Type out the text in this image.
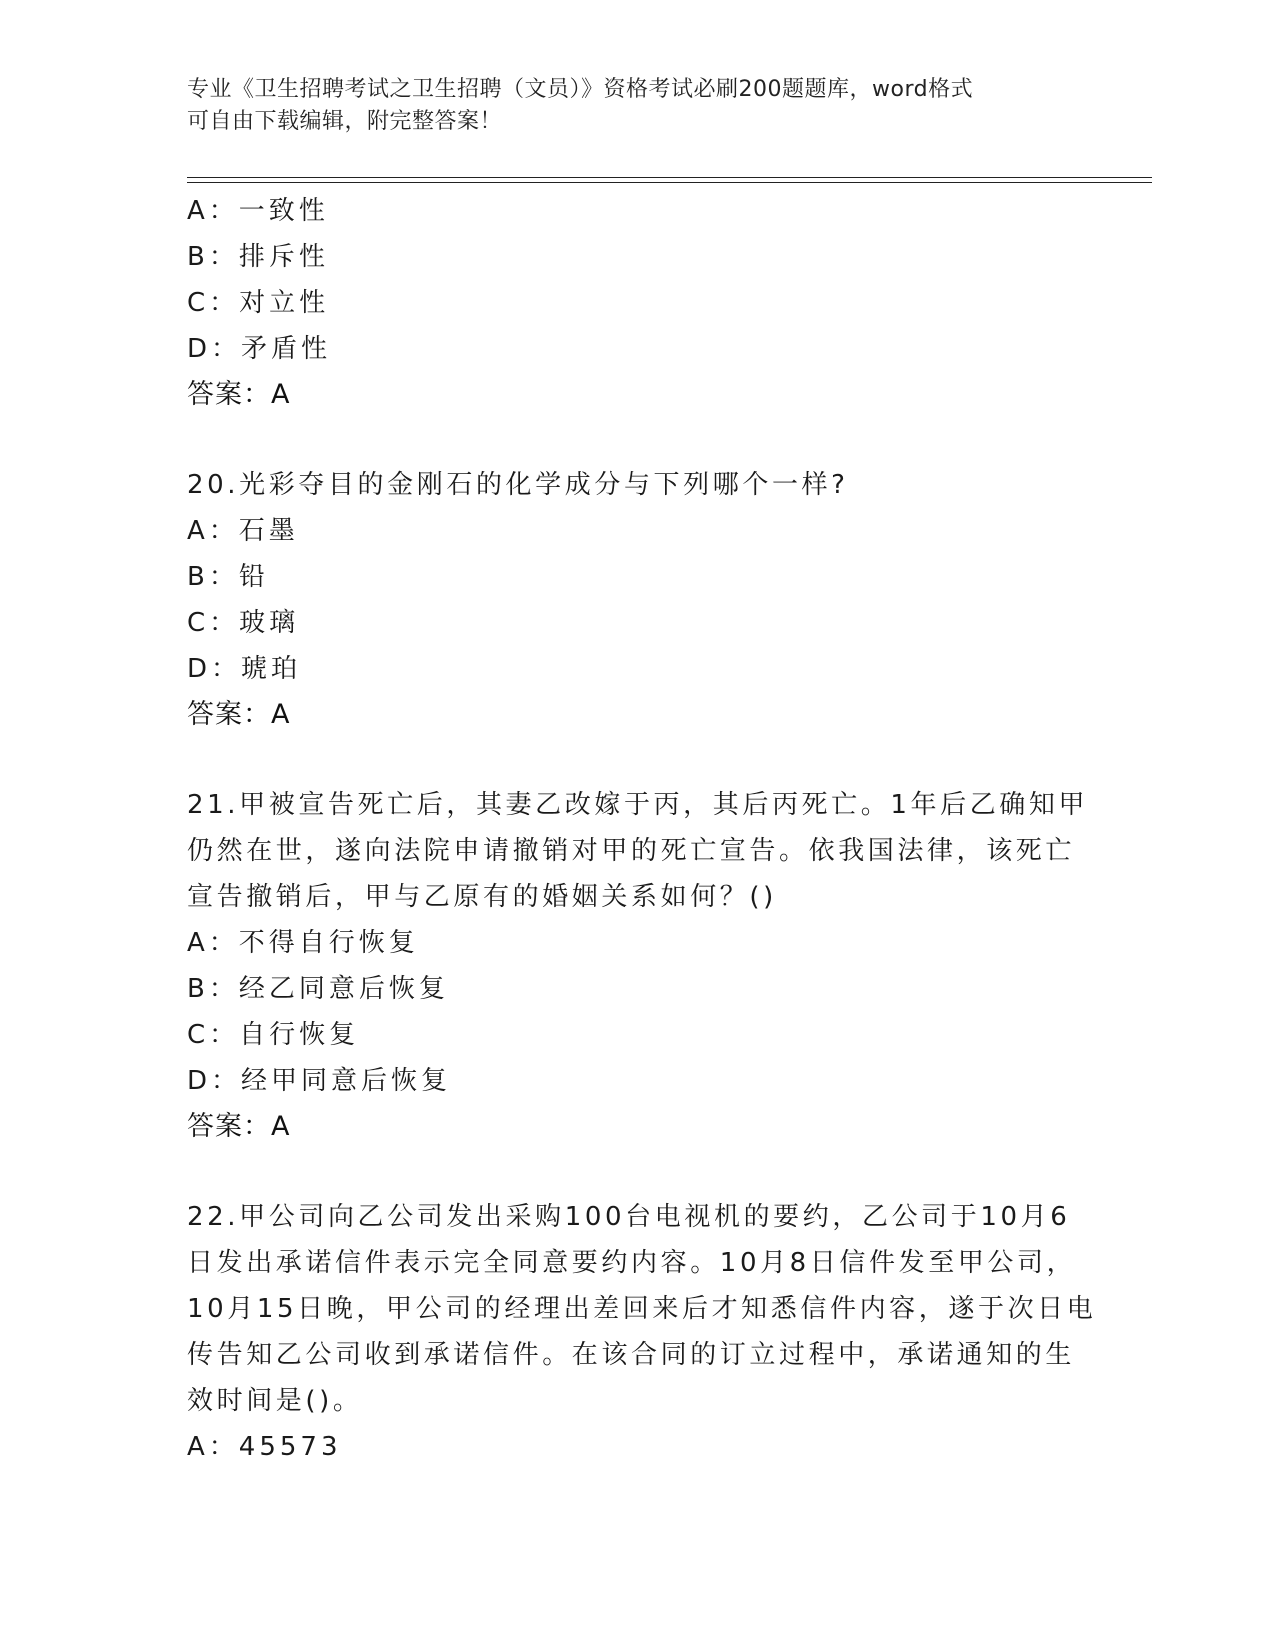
专业《卫生招聘考试之卫生招聘（文员）》资格考试必刷200题题库，word格式
可自由下载编辑，附完整答案！
A：一致性
B：排斥性
C：对立性
D：矛盾性
答案：A
20.光彩夺目的金刚石的化学成分与下列哪个一样?
A：石墨
B：铅
C：玻璃
D：琥珀
答案：A
21.甲被宣告死亡后，其妻乙改嫁于丙，其后丙死亡。1年后乙确知甲
仍然在世，遂向法院申请撤销对甲的死亡宣告。依我国法律，该死亡
宣告撤销后，甲与乙原有的婚姻关系如何？()
A：不得自行恢复
B：经乙同意后恢复
C：自行恢复
D：经甲同意后恢复
答案：A
22.甲公司向乙公司发出采购100台电视机的要约，乙公司于10月6
日发出承诺信件表示完全同意要约内容。10月8日信件发至甲公司，
10月15日晚，甲公司的经理出差回来后才知悉信件内容，遂于次日电
传告知乙公司收到承诺信件。在该合同的订立过程中，承诺通知的生
效时间是()。
A：45573
